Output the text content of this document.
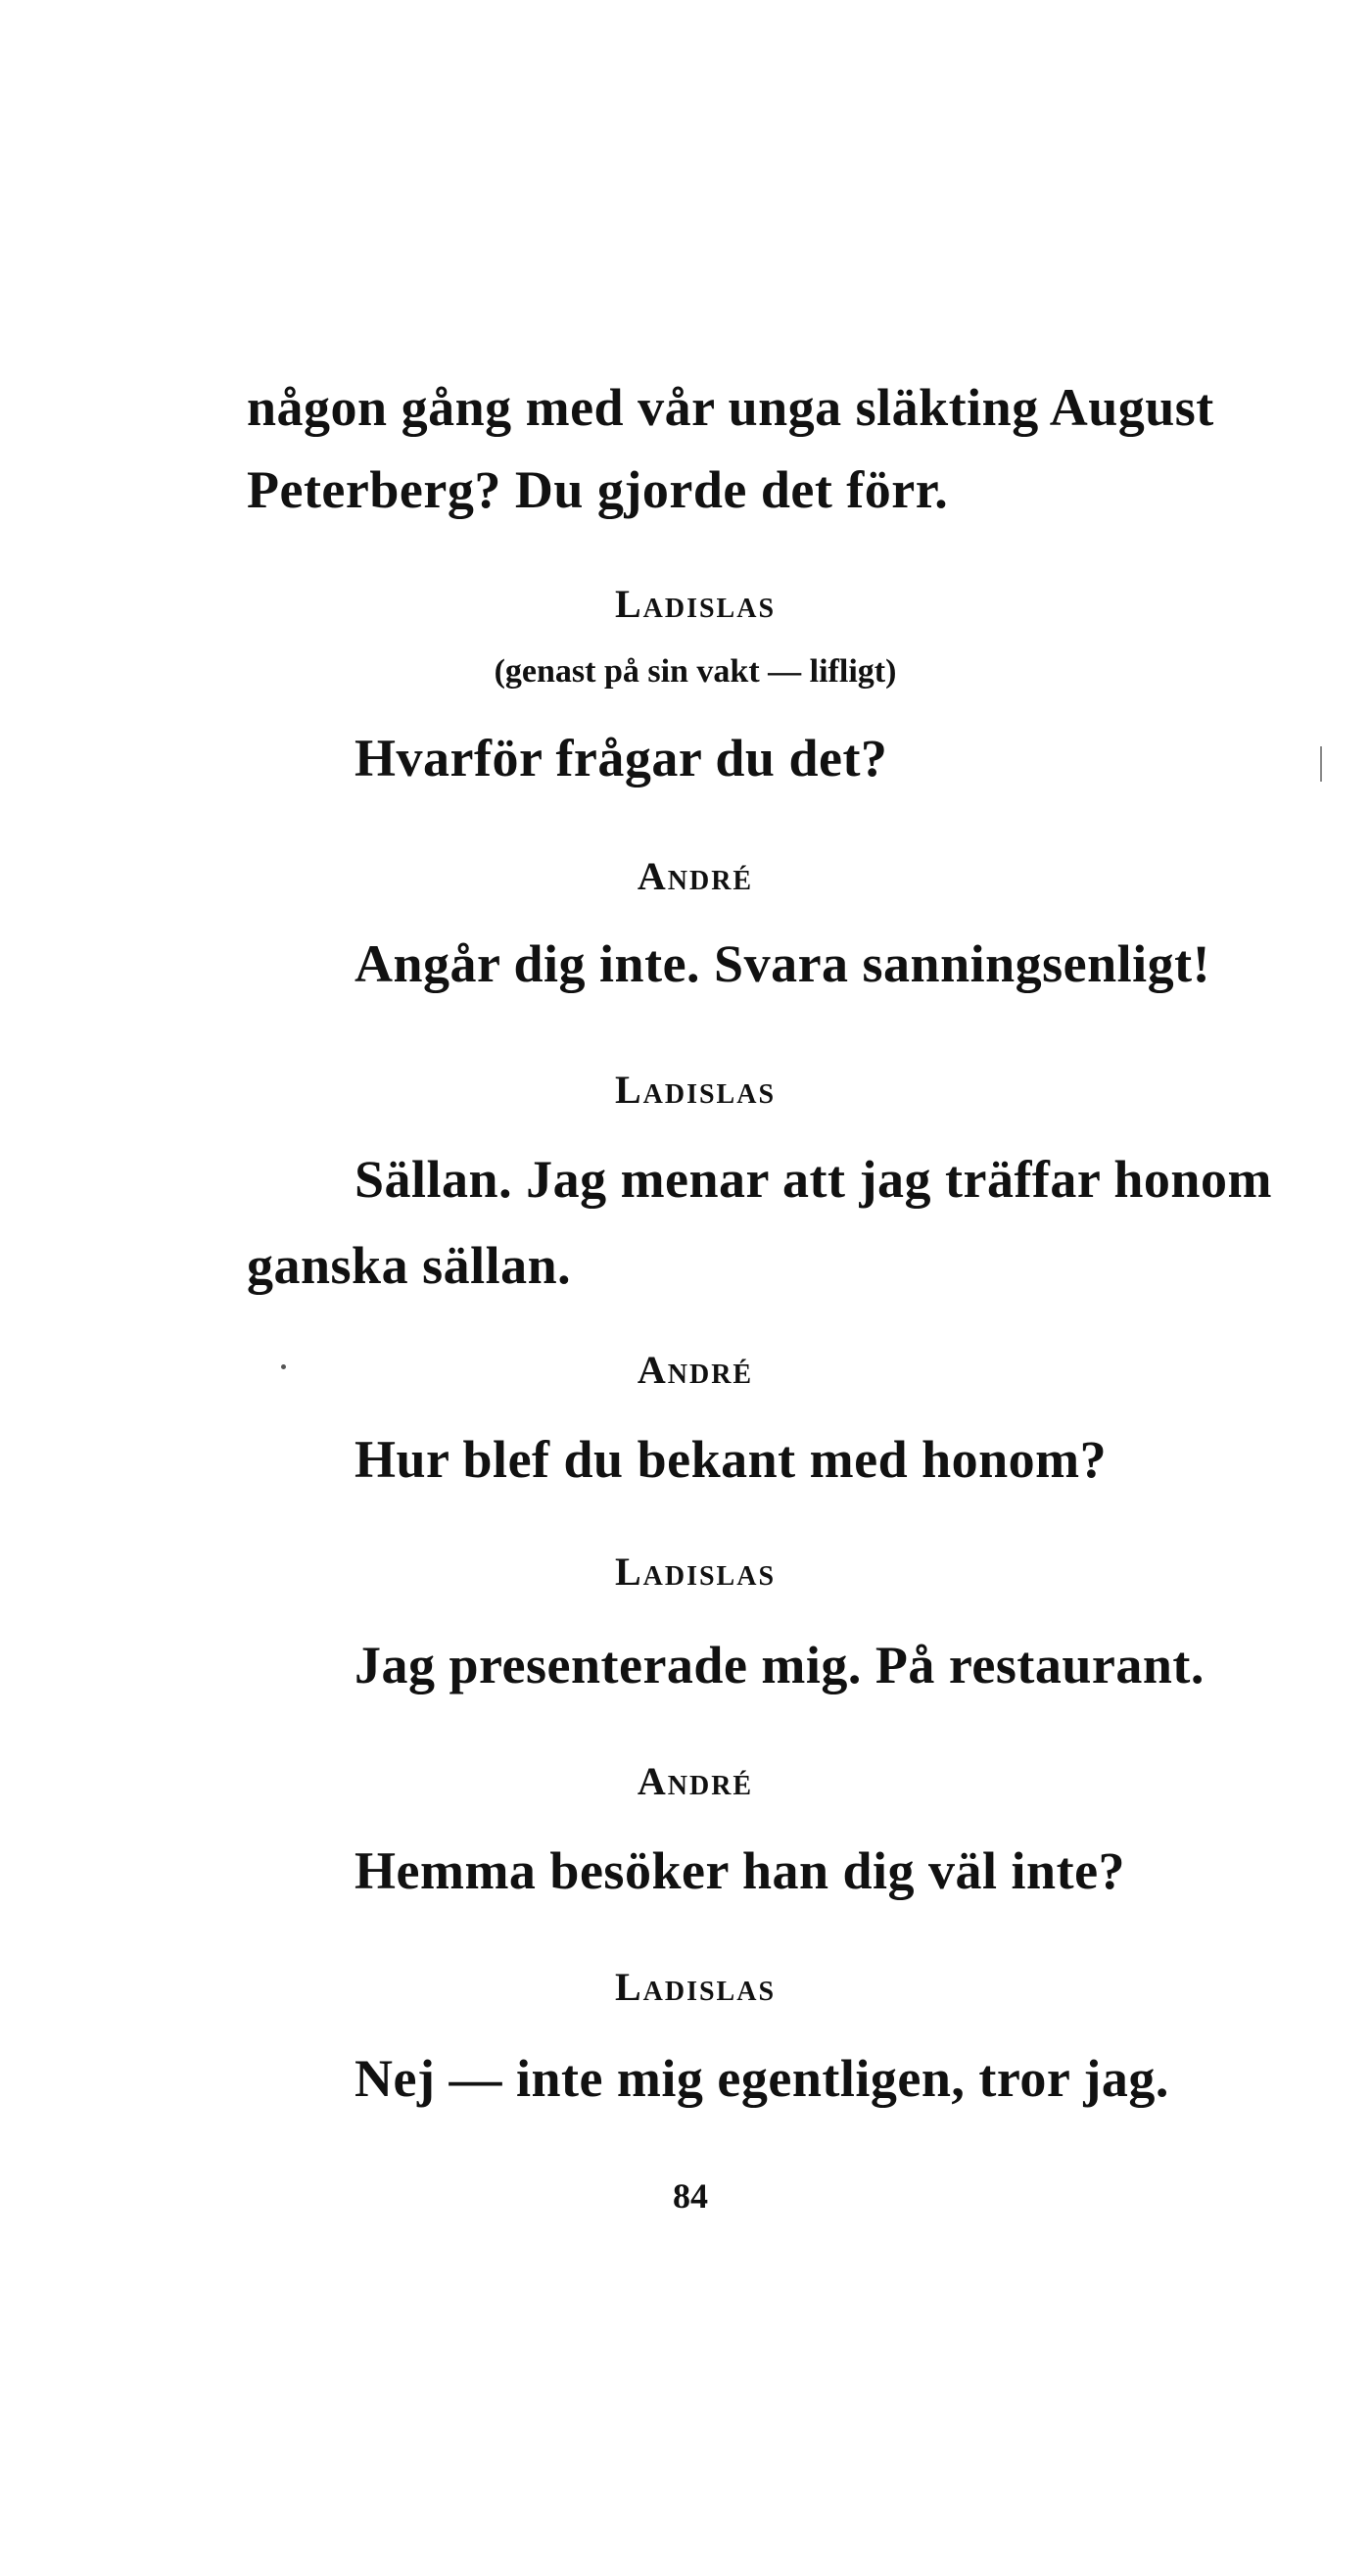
någon gång med vår unga släkting August
Peterberg? Du gjorde det förr.
Ladislas
(genast på sin vakt — lifligt)
Hvarför frågar du det?
André
Angår dig inte. Svara sanningsenligt!
Ladislas
Sällan. Jag menar att jag träffar honom
ganska sällan.
André
Hur blef du bekant med honom?
Ladislas
Jag presenterade mig. På restaurant.
André
Hemma besöker han dig väl inte?
Ladislas
Nej — inte mig egentligen, tror jag.
84
